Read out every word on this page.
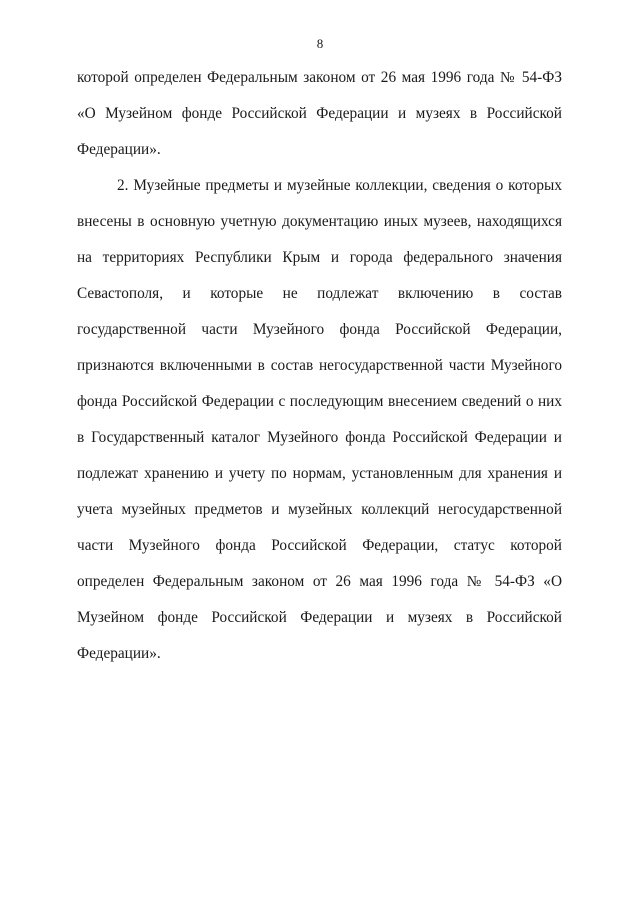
8

которой определен Федеральным законом от 26 мая 1996 года № 54-ФЗ «О Музейном фонде Российской Федерации и музеях в Российской Федерации».

2. Музейные предметы и музейные коллекции, сведения о которых внесены в основную учетную документацию иных музеев, находящихся на территориях Республики Крым и города федерального значения Севастополя, и которые не подлежат включению в состав государственной части Музейного фонда Российской Федерации, признаются включенными в состав негосударственной части Музейного фонда Российской Федерации с последующим внесением сведений о них в Государственный каталог Музейного фонда Российской Федерации и подлежат хранению и учету по нормам, установленным для хранения и учета музейных предметов и музейных коллекций негосударственной части Музейного фонда Российской Федерации, статус которой определен Федеральным законом от 26 мая 1996 года № 54-ФЗ «О Музейном фонде Российской Федерации и музеях в Российской Федерации».
